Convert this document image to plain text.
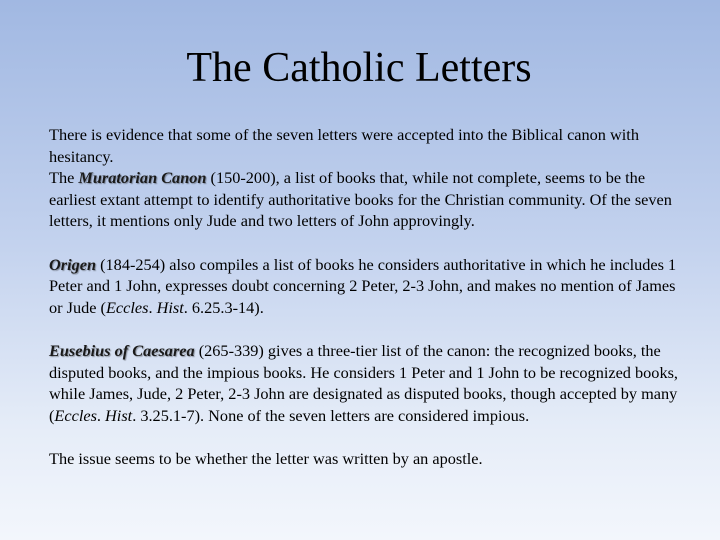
The Catholic Letters

There is evidence that some of the seven letters were accepted into the Biblical canon with hesitancy.

The Muratorian Canon (150-200), a list of books that, while not complete, seems to be the earliest extant attempt to identify authoritative books for the Christian community. Of the seven letters, it mentions only Jude and two letters of John approvingly.

Origen (184-254) also compiles a list of books he considers authoritative in which he includes 1 Peter and 1 John, expresses doubt concerning 2 Peter, 2-3 John, and makes no mention of James or Jude (Eccles. Hist. 6.25.3-14).

Eusebius of Caesarea (265-339) gives a three-tier list of the canon: the recognized books, the disputed books, and the impious books. He considers 1 Peter and 1 John to be recognized books, while James, Jude, 2 Peter, 2-3 John are designated as disputed books, though accepted by many (Eccles. Hist. 3.25.1-7). None of the seven letters are considered impious.

The issue seems to be whether the letter was written by an apostle.
